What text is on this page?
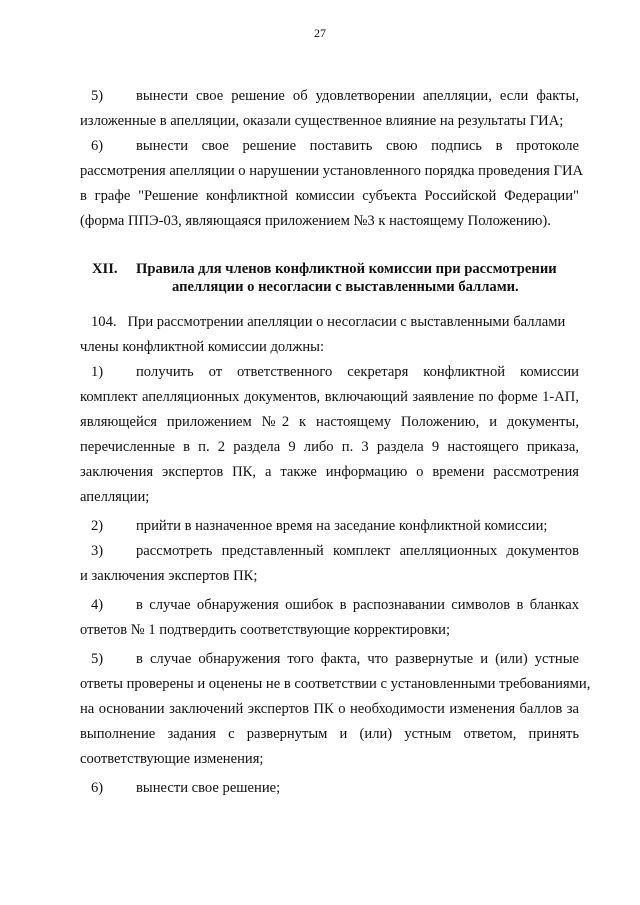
27
5) вынести свое решение об удовлетворении апелляции, если факты,
изложенные в апелляции, оказали существенное влияние на результаты ГИА;
6) вынести свое решение поставить свою подпись в протоколе
рассмотрения апелляции о нарушении установленного порядка проведения ГИА
в графе "Решение конфликтной комиссии субъекта Российской Федерации"
(форма ППЭ-03, являющаяся приложением №3 к настоящему Положению).
XII. Правила для членов конфликтной комиссии при рассмотрении
апелляции о несогласии с выставленными баллами.
104.   При рассмотрении апелляции о несогласии с выставленными баллами
члены конфликтной комиссии должны:
1) получить от ответственного секретаря конфликтной комиссии
комплект апелляционных документов, включающий заявление по форме 1-АП,
являющейся приложением №2 к настоящему Положению, и документы,
перечисленные в п. 2 раздела 9 либо п. 3 раздела 9 настоящего приказа,
заключения экспертов ПК, а также информацию о времени рассмотрения
апелляции;
2) прийти в назначенное время на заседание конфликтной комиссии;
3) рассмотреть представленный комплект апелляционных документов
и заключения экспертов ПК;
4) в случае обнаружения ошибок в распознавании символов в бланках
ответов № 1 подтвердить соответствующие корректировки;
5) в случае обнаружения того факта, что развернутые и (или) устные
ответы проверены и оценены не в соответствии с установленными требованиями,
на основании заключений экспертов ПК о необходимости изменения баллов за
выполнение задания с развернутым и (или) устным ответом, принять
соответствующие изменения;
6) вынести свое решение;
